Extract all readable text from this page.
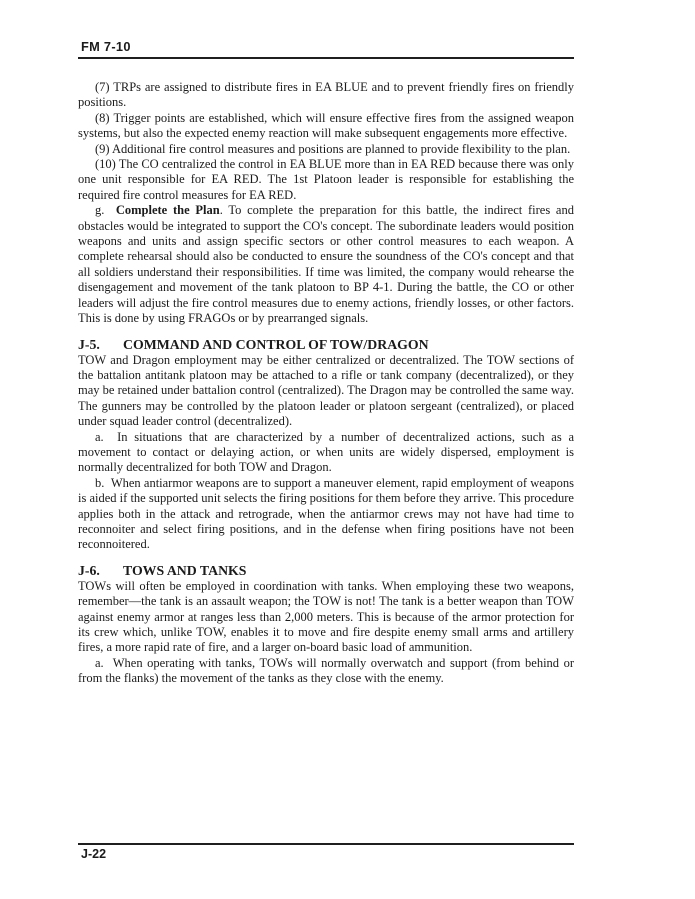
FM 7-10

(7) TRPs are assigned to distribute fires in EA BLUE and to prevent friendly fires on friendly positions.

(8) Trigger points are established, which will ensure effective fires from the assigned weapon systems, but also the expected enemy reaction will make subsequent engagements more effective.

(9) Additional fire control measures and positions are planned to provide flexibility to the plan.

(10) The CO centralized the control in EA BLUE more than in EA RED because there was only one unit responsible for EA RED. The 1st Platoon leader is responsible for establishing the required fire control measures for EA RED.

g.  Complete the Plan. To complete the preparation for this battle, the indirect fires and obstacles would be integrated to support the CO's concept. The subordinate leaders would position weapons and units and assign specific sectors or other control measures to each weapon. A complete rehearsal should also be conducted to ensure the soundness of the CO's concept and that all soldiers understand their responsibilities. If time was limited, the company would rehearse the disengagement and movement of the tank platoon to BP 4-1. During the battle, the CO or other leaders will adjust the fire control measures due to enemy actions, friendly losses, or other factors. This is done by using FRAGOs or by prearranged signals.

J-5.	COMMAND AND CONTROL OF TOW/DRAGON

TOW and Dragon employment may be either centralized or decentralized. The TOW sections of the battalion antitank platoon may be attached to a rifle or tank company (decentralized), or they may be retained under battalion control (centralized). The Dragon may be controlled the same way. The gunners may be controlled by the platoon leader or platoon sergeant (centralized), or placed under squad leader control (decentralized).

a.  In situations that are characterized by a number of decentralized actions, such as a movement to contact or delaying action, or when units are widely dispersed, employment is normally decentralized for both TOW and Dragon.

b.  When antiarmor weapons are to support a maneuver element, rapid employment of weapons is aided if the supported unit selects the firing positions for them before they arrive. This procedure applies both in the attack and retrograde, when the antiarmor crews may not have had time to reconnoiter and select firing positions, and in the defense when firing positions have not been reconnoitered.

J-6.	TOWS AND TANKS

TOWs will often be employed in coordination with tanks. When employing these two weapons, remember—the tank is an assault weapon; the TOW is not! The tank is a better weapon than TOW against enemy armor at ranges less than 2,000 meters. This is because of the armor protection for its crew which, unlike TOW, enables it to move and fire despite enemy small arms and artillery fires, a more rapid rate of fire, and a larger on-board basic load of ammunition.

a.  When operating with tanks, TOWs will normally overwatch and support (from behind or from the flanks) the movement of the tanks as they close with the enemy.

J-22
